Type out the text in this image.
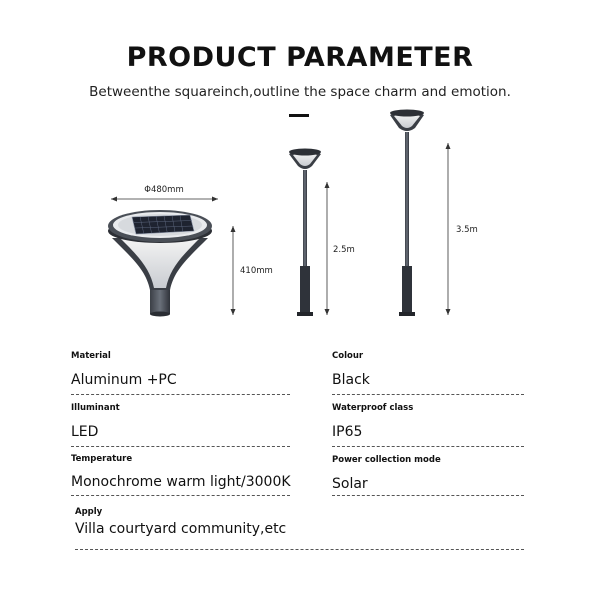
PRODUCT PARAMETER
Betweenthe squareinch,outline the space charm and emotion.
Φ480mm
410mm
2.5m
3.5m
Material
Aluminum +PC
Colour
Black
Illuminant
LED
Waterproof class
IP65
Temperature
Monochrome warm light/3000K
Power collection mode
Solar
Apply
Villa courtyard community,etc
